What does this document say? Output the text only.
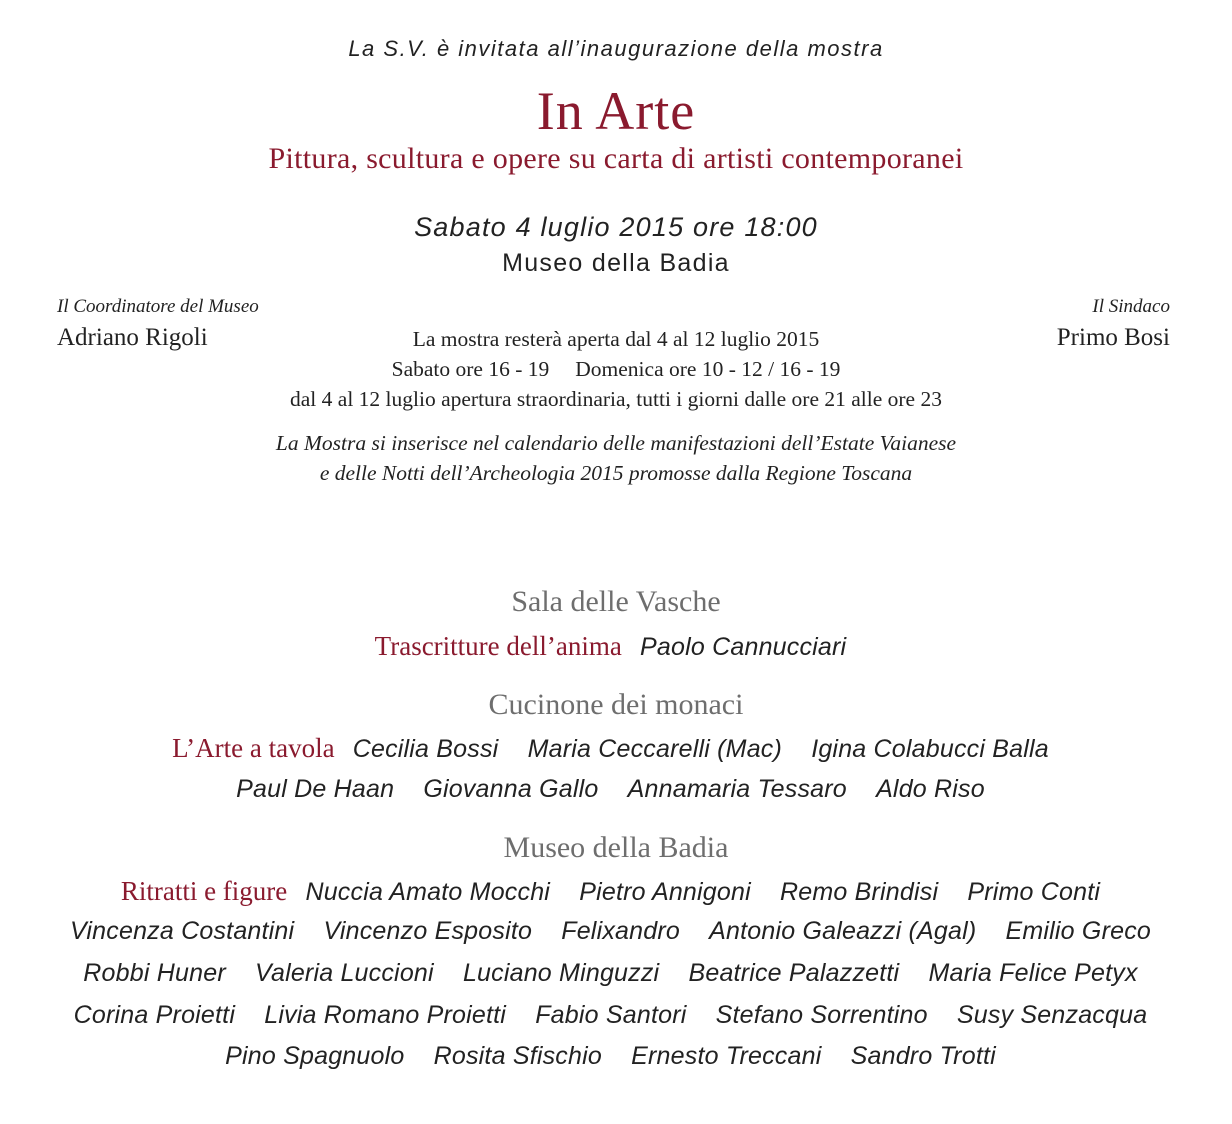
La S.V. è invitata all’inaugurazione della mostra
In Arte
Pittura, scultura e opere su carta di artisti contemporanei
Sabato 4 luglio 2015 ore 18:00
Museo della Badia
Il Coordinatore del Museo
Adriano Rigoli
Il Sindaco
Primo Bosi
La mostra resterà aperta dal 4 al 12 luglio 2015
Sabato ore 16 - 19 Domenica ore 10 - 12 / 16 - 19
dal 4 al 12 luglio apertura straordinaria, tutti i giorni dalle ore 21 alle ore 23
La Mostra si inserisce nel calendario delle manifestazioni dell’Estate Vaianese
e delle Notti dell’Archeologia 2015 promosse dalla Regione Toscana
Sala delle Vasche
Trascritture dell’anima Paolo Cannucciari
Cucinone dei monaci
L’Arte a tavola Cecilia Bossi Maria Ceccarelli (Mac) Igina Colabucci Balla
Paul De Haan Giovanna Gallo Annamaria Tessaro Aldo Riso
Museo della Badia
Ritratti e figure Nuccia Amato Mocchi Pietro Annigoni Remo Brindisi Primo Conti
Vincenza Costantini Vincenzo Esposito Felixandro Antonio Galeazzi (Agal) Emilio Greco
Robbi Huner Valeria Luccioni Luciano Minguzzi Beatrice Palazzetti Maria Felice Petyx
Corina Proietti Livia Romano Proietti Fabio Santori Stefano Sorrentino Susy Senzacqua
Pino Spagnuolo Rosita Sfischio Ernesto Treccani Sandro Trotti
